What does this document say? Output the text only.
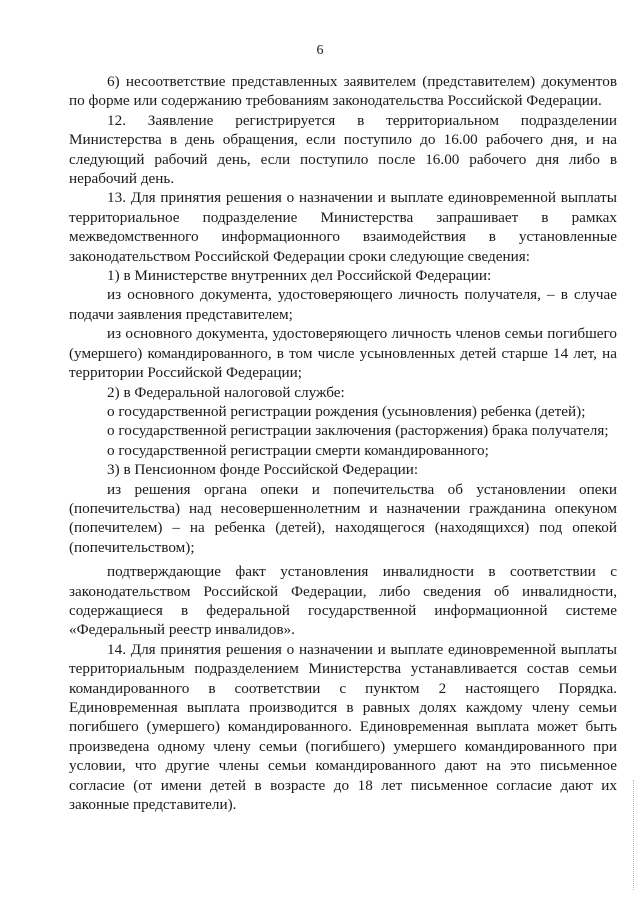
6

6) несоответствие представленных заявителем (представителем) документов по форме или содержанию требованиям законодательства Российской Федерации.

12. Заявление регистрируется в территориальном подразделении Министерства в день обращения, если поступило до 16.00 рабочего дня, и на следующий рабочий день, если поступило после 16.00 рабочего дня либо в нерабочий день.

13. Для принятия решения о назначении и выплате единовременной выплаты территориальное подразделение Министерства запрашивает в рамках межведомственного информационного взаимодействия в установленные законодательством Российской Федерации сроки следующие сведения:

1) в Министерстве внутренних дел Российской Федерации:

из основного документа, удостоверяющего личность получателя, – в случае подачи заявления представителем;

из основного документа, удостоверяющего личность членов семьи погибшего (умершего) командированного, в том числе усыновленных детей старше 14 лет, на территории Российской Федерации;

2) в Федеральной налоговой службе:

о государственной регистрации рождения (усыновления) ребенка (детей);

о государственной регистрации заключения (расторжения) брака получателя;

о государственной регистрации смерти командированного;

3) в Пенсионном фонде Российской Федерации:

из решения органа опеки и попечительства об установлении опеки (попечительства) над несовершеннолетним и назначении гражданина опекуном (попечителем) – на ребенка (детей), находящегося (находящихся) под опекой (попечительством);

подтверждающие факт установления инвалидности в соответствии с законодательством Российской Федерации, либо сведения об инвалидности, содержащиеся в федеральной государственной информационной системе «Федеральный реестр инвалидов».

14. Для принятия решения о назначении и выплате единовременной выплаты территориальным подразделением Министерства устанавливается состав семьи командированного в соответствии с пунктом 2 настоящего Порядка. Единовременная выплата производится в равных долях каждому члену семьи погибшего (умершего) командированного. Единовременная выплата может быть произведена одному члену семьи (погибшего) умершего командированного при условии, что другие члены семьи командированного дают на это письменное согласие (от имени детей в возрасте до 18 лет письменное согласие дают их законные представители).
